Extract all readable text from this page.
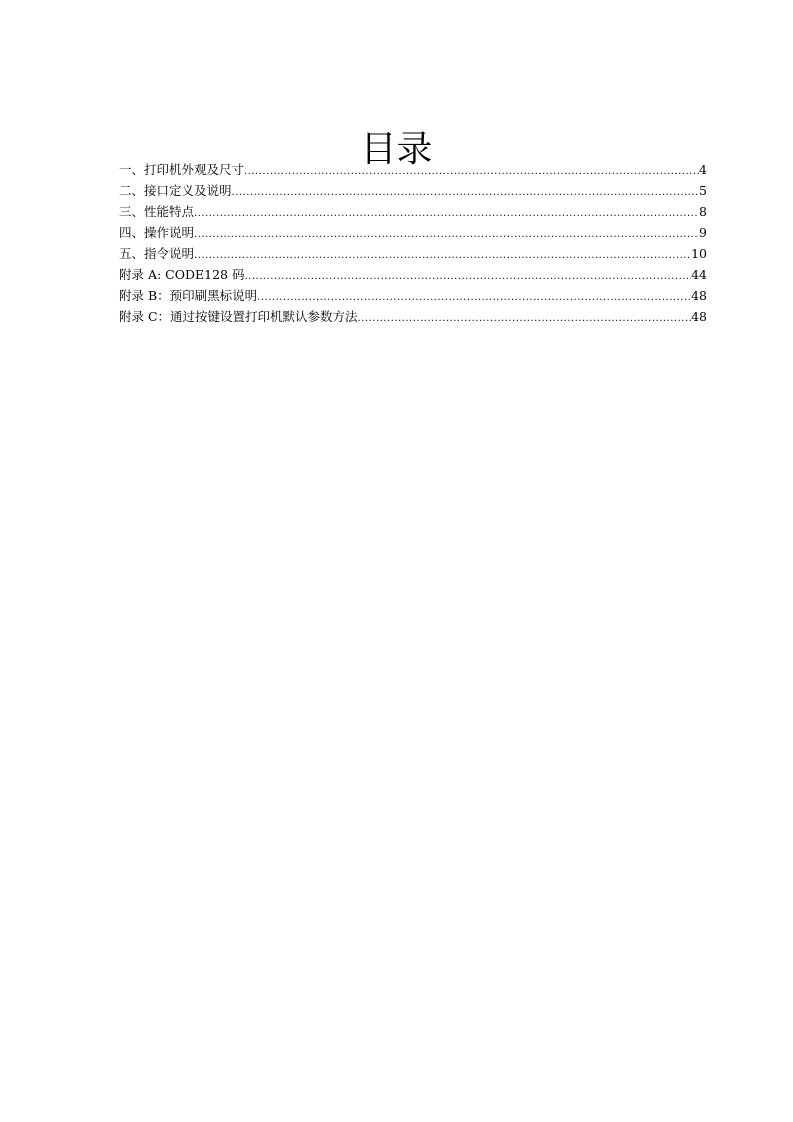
目录
一、打印机外观及尺寸 .....	4
二、接口定义及说明 .....	5
三、性能特点 .....	8
四、操作说明 .....	9
五、指令说明 .....	10
附录 A: CODE128 码 .....	44
附录 B：预印刷黑标说明 .....	48
附录 C：通过按键设置打印机默认参数方法 .....	48
